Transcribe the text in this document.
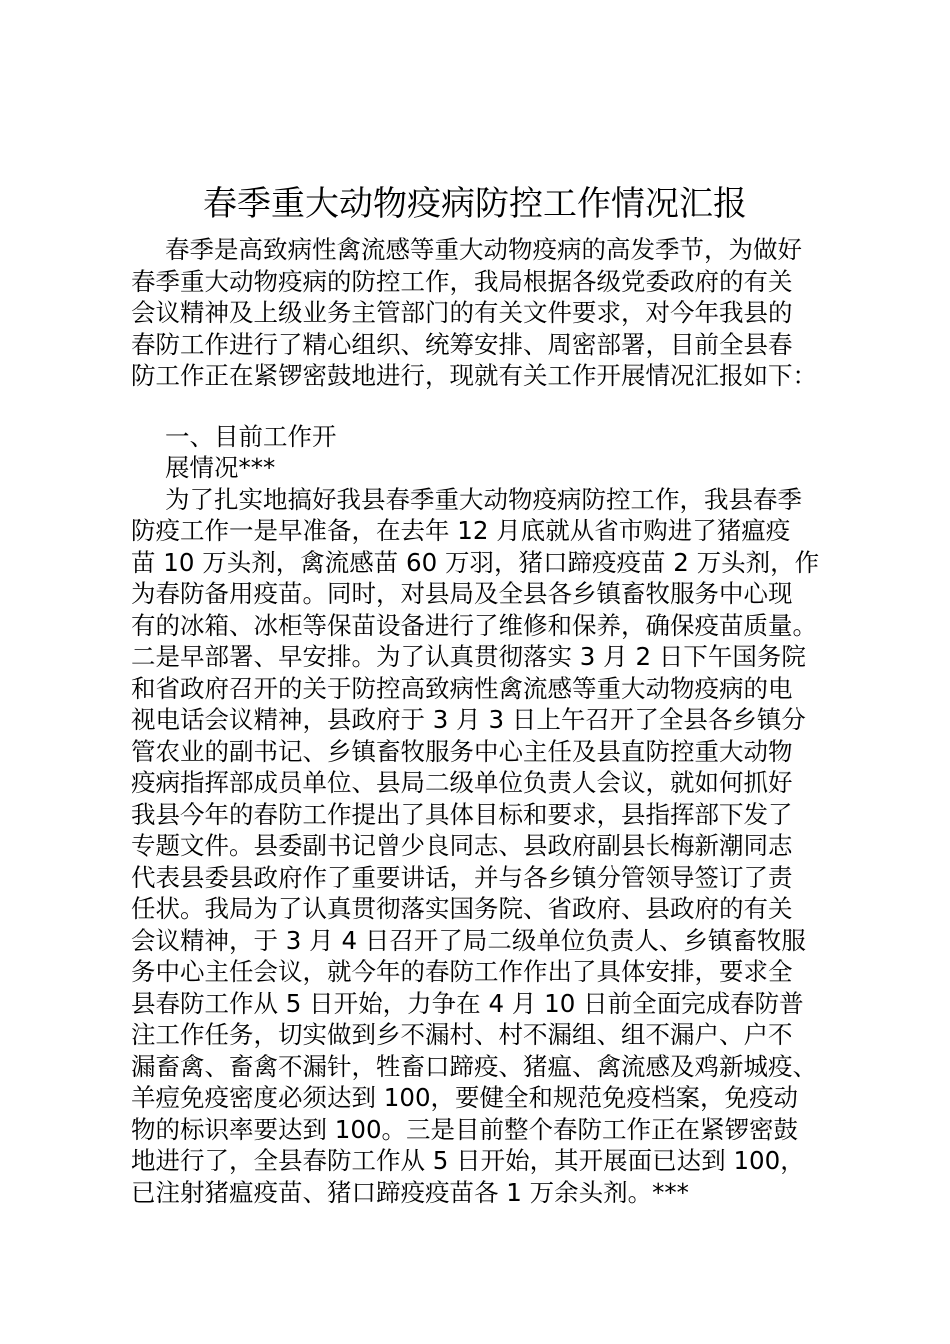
春季重大动物疫病防控工作情况汇报
春季是高致病性禽流感等重大动物疫病的高发季节，为做好
春季重大动物疫病的防控工作，我局根据各级党委政府的有关
会议精神及上级业务主管部门的有关文件要求，对今年我县的
春防工作进行了精心组织、统筹安排、周密部署，目前全县春
防工作正在紧锣密鼓地进行，现就有关工作开展情况汇报如下：
一、目前工作开
展情况***
为了扎实地搞好我县春季重大动物疫病防控工作，我县春季
防疫工作一是早准备，在去年 12 月底就从省市购进了猪瘟疫
苗 10 万头剂，禽流感苗 60 万羽，猪口蹄疫疫苗 2 万头剂，作
为春防备用疫苗。同时，对县局及全县各乡镇畜牧服务中心现
有的冰箱、冰柜等保苗设备进行了维修和保养，确保疫苗质量。
二是早部署、早安排。为了认真贯彻落实 3 月 2 日下午国务院
和省政府召开的关于防控高致病性禽流感等重大动物疫病的电
视电话会议精神，县政府于 3 月 3 日上午召开了全县各乡镇分
管农业的副书记、乡镇畜牧服务中心主任及县直防控重大动物
疫病指挥部成员单位、县局二级单位负责人会议，就如何抓好
我县今年的春防工作提出了具体目标和要求，县指挥部下发了
专题文件。县委副书记曾少良同志、县政府副县长梅新潮同志
代表县委县政府作了重要讲话，并与各乡镇分管领导签订了责
任状。我局为了认真贯彻落实国务院、省政府、县政府的有关
会议精神，于 3 月 4 日召开了局二级单位负责人、乡镇畜牧服
务中心主任会议，就今年的春防工作作出了具体安排，要求全
县春防工作从 5 日开始，力争在 4 月 10 日前全面完成春防普
注工作任务，切实做到乡不漏村、村不漏组、组不漏户、户不
漏畜禽、畜禽不漏针，牲畜口蹄疫、猪瘟、禽流感及鸡新城疫、
羊痘免疫密度必须达到 100，要健全和规范免疫档案，免疫动
物的标识率要达到 100。三是目前整个春防工作正在紧锣密鼓
地进行了，全县春防工作从 5 日开始，其开展面已达到 100，
已注射猪瘟疫苗、猪口蹄疫疫苗各 1 万余头剂。***
